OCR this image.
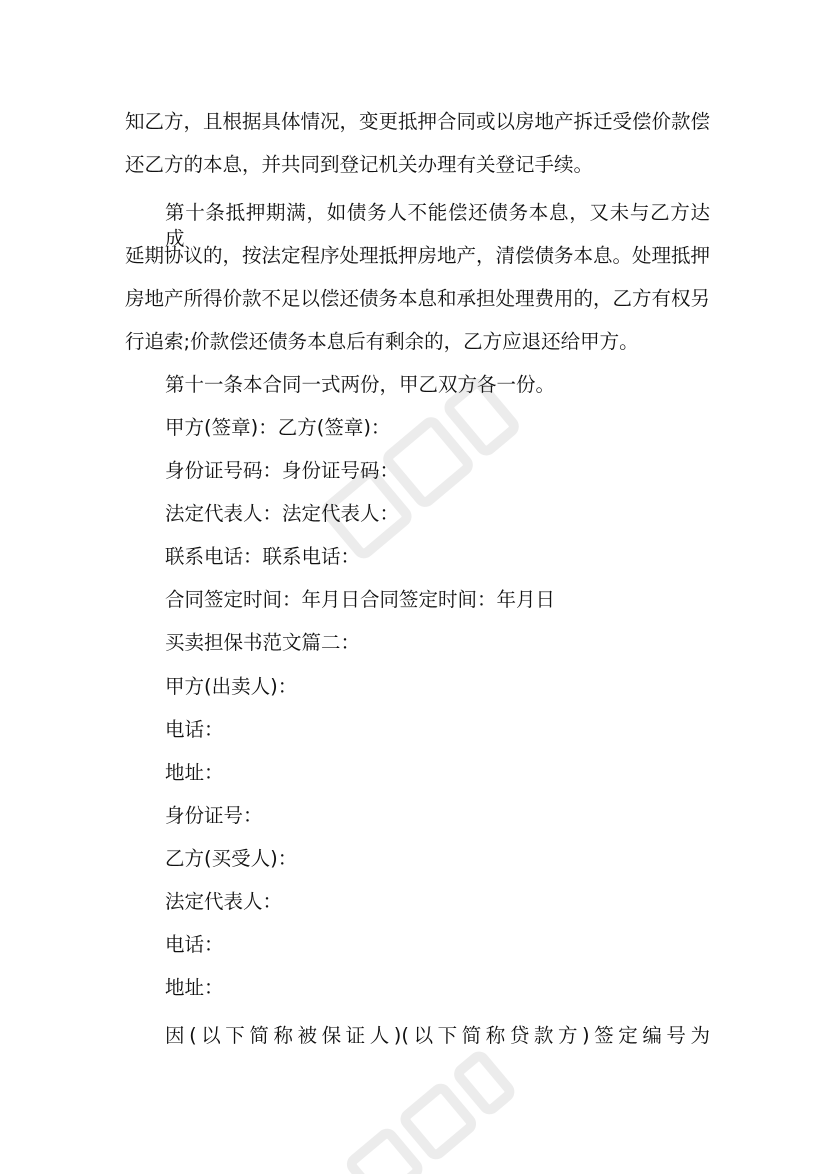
知乙方，且根据具体情况，变更抵押合同或以房地产拆迁受偿价款偿
还乙方的本息，并共同到登记机关办理有关登记手续。
第十条抵押期满，如债务人不能偿还债务本息，又未与乙方达成
延期协议的，按法定程序处理抵押房地产，清偿债务本息。处理抵押
房地产所得价款不足以偿还债务本息和承担处理费用的，乙方有权另
行追索;价款偿还债务本息后有剩余的，乙方应退还给甲方。
第十一条本合同一式两份，甲乙双方各一份。
甲方(签章)：乙方(签章)：
身份证号码：身份证号码：
法定代表人：法定代表人：
联系电话：联系电话：
合同签定时间：年月日合同签定时间：年月日
买卖担保书范文篇二：
甲方(出卖人)：
电话：
地址：
身份证号：
乙方(买受人)：
法定代表人：
电话：
地址：
因(以下简称被保证人)(以下简称贷款方)签定编号为
